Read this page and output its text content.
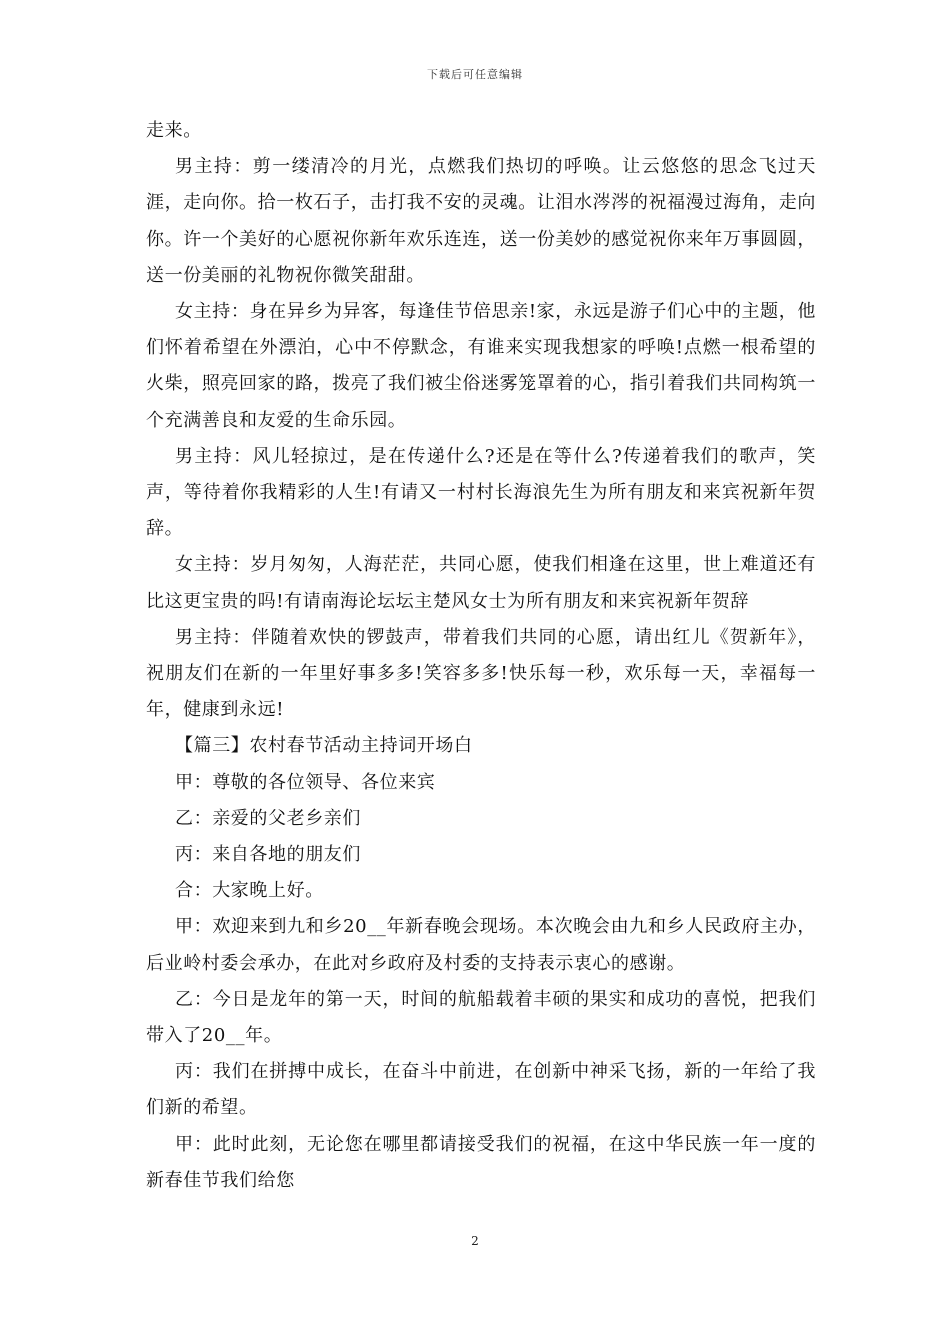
下载后可任意编辑

走来。

男主持：剪一缕清冷的月光，点燃我们热切的呼唤。让云悠悠的思念飞过天涯，走向你。拾一枚石子，击打我不安的灵魂。让泪水涔涔的祝福漫过海角，走向你。许一个美好的心愿祝你新年欢乐连连，送一份美妙的感觉祝你来年万事圆圆，送一份美丽的礼物祝你微笑甜甜。

女主持：身在异乡为异客，每逢佳节倍思亲!家，永远是游子们心中的主题，他们怀着希望在外漂泊，心中不停默念，有谁来实现我想家的呼唤!点燃一根希望的火柴，照亮回家的路，拨亮了我们被尘俗迷雾笼罩着的心，指引着我们共同构筑一个充满善良和友爱的生命乐园。

男主持：风儿轻掠过，是在传递什么?还是在等什么?传递着我们的歌声，笑声，等待着你我精彩的人生!有请又一村村长海浪先生为所有朋友和来宾祝新年贺辞。

女主持：岁月匆匆，人海茫茫，共同心愿，使我们相逢在这里，世上难道还有比这更宝贵的吗!有请南海论坛坛主楚风女士为所有朋友和来宾祝新年贺辞

男主持：伴随着欢快的锣鼓声，带着我们共同的心愿，请出红儿《贺新年》，祝朋友们在新的一年里好事多多!笑容多多!快乐每一秒，欢乐每一天，幸福每一年，健康到永远!

【篇三】农村春节活动主持词开场白

甲：尊敬的各位领导、各位来宾

乙：亲爱的父老乡亲们

丙：来自各地的朋友们

合：大家晚上好。

甲：欢迎来到九和乡20__年新春晚会现场。本次晚会由九和乡人民政府主办，后业岭村委会承办，在此对乡政府及村委的支持表示衷心的感谢。

乙：今日是龙年的第一天，时间的航船载着丰硕的果实和成功的喜悦，把我们带入了20__年。

丙：我们在拼搏中成长，在奋斗中前进，在创新中神采飞扬，新的一年给了我们新的希望。

甲：此时此刻，无论您在哪里都请接受我们的祝福，在这中华民族一年一度的新春佳节我们给您

2
